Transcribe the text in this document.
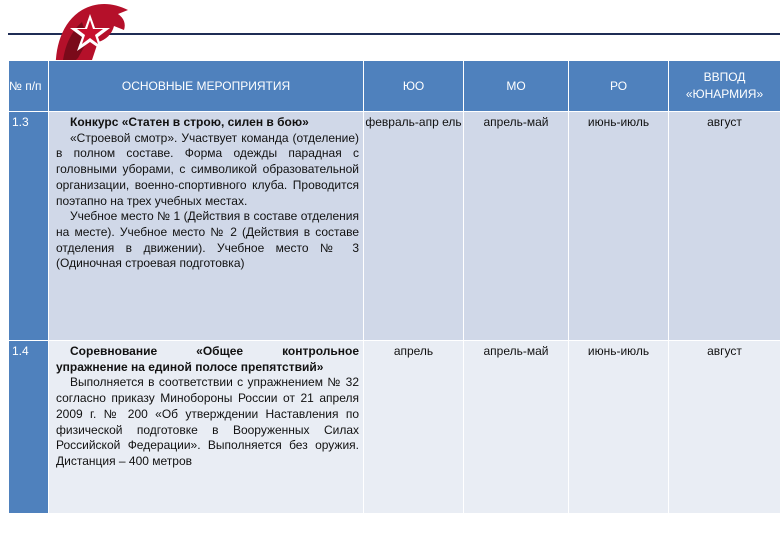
ЮНАРМЕЙСКИЕ ИГРЫ
№ п/п	ОСНОВНЫЕ МЕРОПРИЯТИЯ	ЮО	МО	РО	ВВПОД «ЮНАРМИЯ»
1.3	Конкурс «Статен в строю, силен в бою»

«Строевой смотр». Участвует команда (отделение) в полном составе. Форма одежды парадная с головными уборами, с символикой образовательной организации, военно-спортивного клуба. Проводится поэтапно на трех учебных местах.

Учебное место № 1 (Действия в составе отделения на месте). Учебное место № 2 (Действия в составе отделения в движении). Учебное место № 3 (Одиночная строевая подготовка)	февраль-апр ель	апрель-май	июнь-июль	август
1.4	Соревнование «Общее контрольное упражнение на единой полосе препятствий»

Выполняется в соответствии с упражнением № 32 согласно приказу Минобороны России от 21 апреля 2009 г. № 200 «Об утверждении Наставления по физической подготовке в Вооруженных Силах Российской Федерации». Выполняется без оружия. Дистанция – 400 метров	апрель	апрель-май	июнь-июль	август
